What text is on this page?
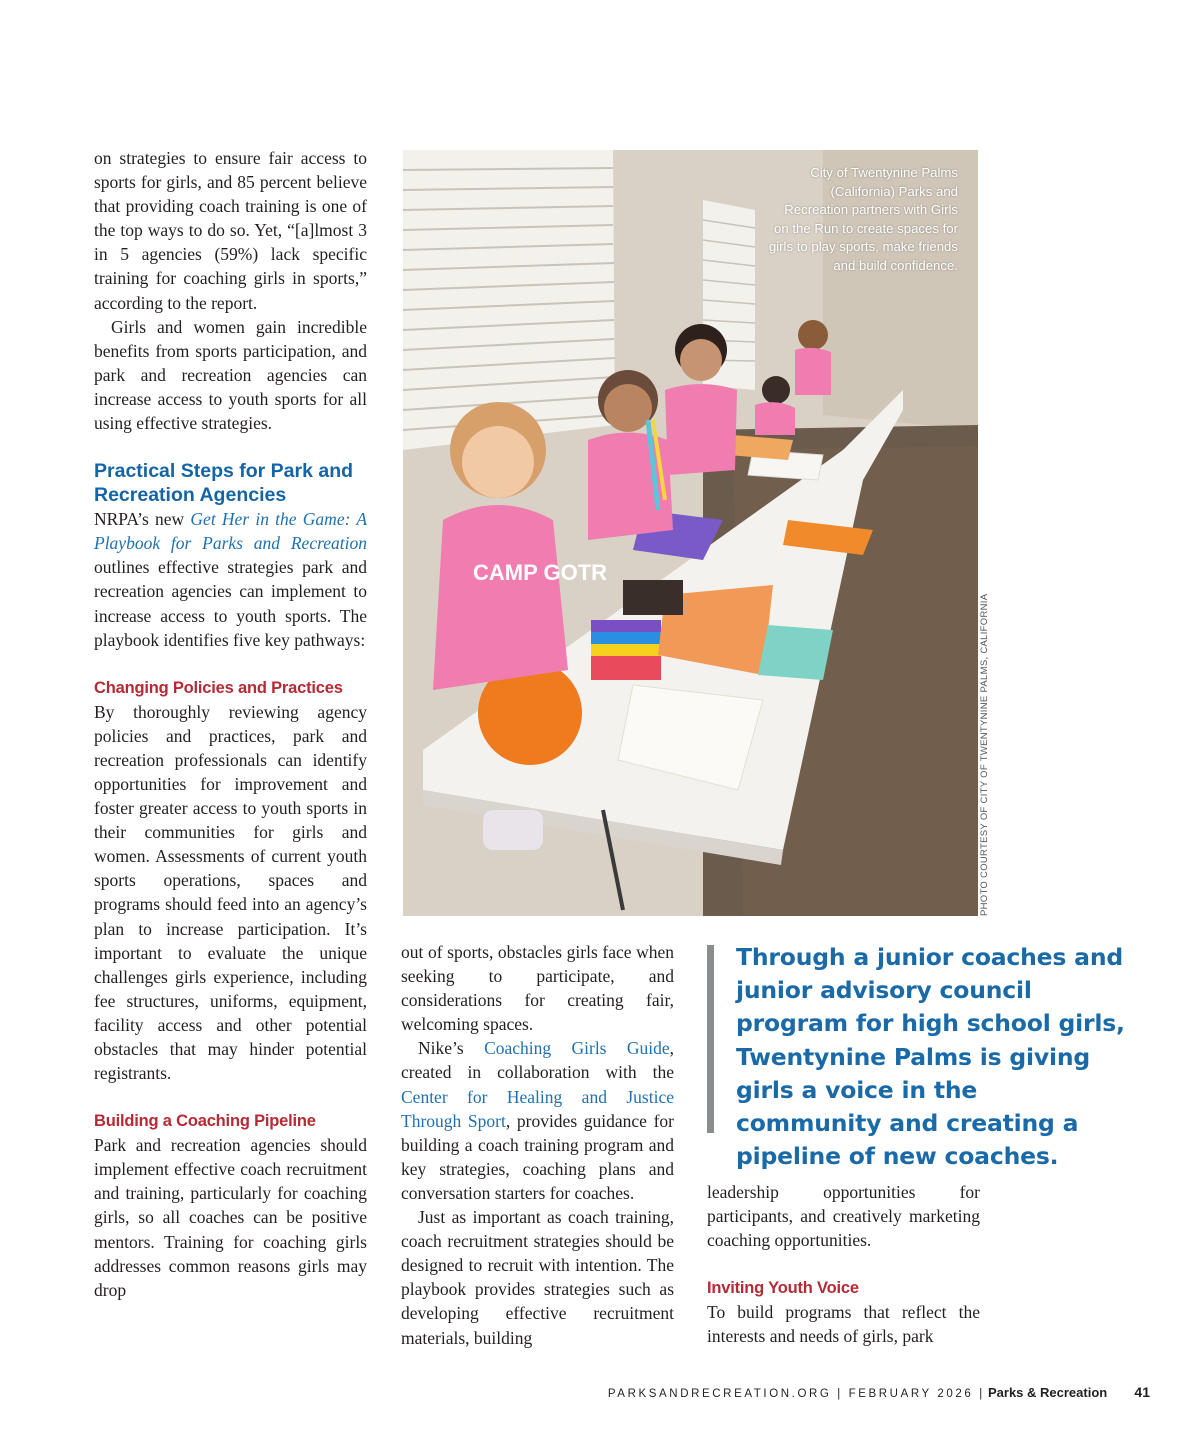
on strategies to ensure fair access to sports for girls, and 85 percent believe that providing coach training is one of the top ways to do so. Yet, “[a]lmost 3 in 5 agencies (59%) lack specific training for coaching girls in sports,” according to the report.

Girls and women gain incredible benefits from sports participation, and park and recreation agencies can increase access to youth sports for all using effective strategies.

Practical Steps for Park and Recreation Agencies

NRPA’s new Get Her in the Game: A Playbook for Parks and Recreation outlines effective strategies park and recreation agencies can implement to increase access to youth sports. The playbook identifies five key pathways:

Changing Policies and Practices

By thoroughly reviewing agency policies and practices, park and recreation professionals can identify opportunities for improvement and foster greater access to youth sports in their communities for girls and women. Assessments of current youth sports operations, spaces and programs should feed into an agency’s plan to increase participation. It’s important to evaluate the unique challenges girls experience, including fee structures, uniforms, equipment, facility access and other potential obstacles that may hinder potential registrants.

Building a Coaching Pipeline

Park and recreation agencies should implement effective coach recruitment and training, particularly for coaching girls, so all coaches can be positive mentors. Training for coaching girls addresses common reasons girls may drop

CAMP GOTR
City of Twentynine Palms (California) Parks and Recreation partners with Girls on the Run to create spaces for girls to play sports, make friends and build confidence.
PHOTO COURTESY OF CITY OF TWENTYNINE PALMS, CALIFORNIA

out of sports, obstacles girls face when seeking to participate, and considerations for creating fair, welcoming spaces.

Nike’s Coaching Girls Guide, created in collaboration with the Center for Healing and Justice Through Sport, provides guidance for building a coach training program and key strategies, coaching plans and conversation starters for coaches.

Just as important as coach training, coach recruitment strategies should be designed to recruit with intention. The playbook provides strategies such as developing effective recruitment materials, building

Through a junior coaches and junior advisory council program for high school girls, Twentynine Palms is giving girls a voice in the community and creating a pipeline of new coaches.

leadership opportunities for participants, and creatively marketing coaching opportunities.

Inviting Youth Voice

To build programs that reflect the interests and needs of girls, park

PARKSANDRECREATION.ORG | FEBRUARY 2026 | Parks & Recreation 41
